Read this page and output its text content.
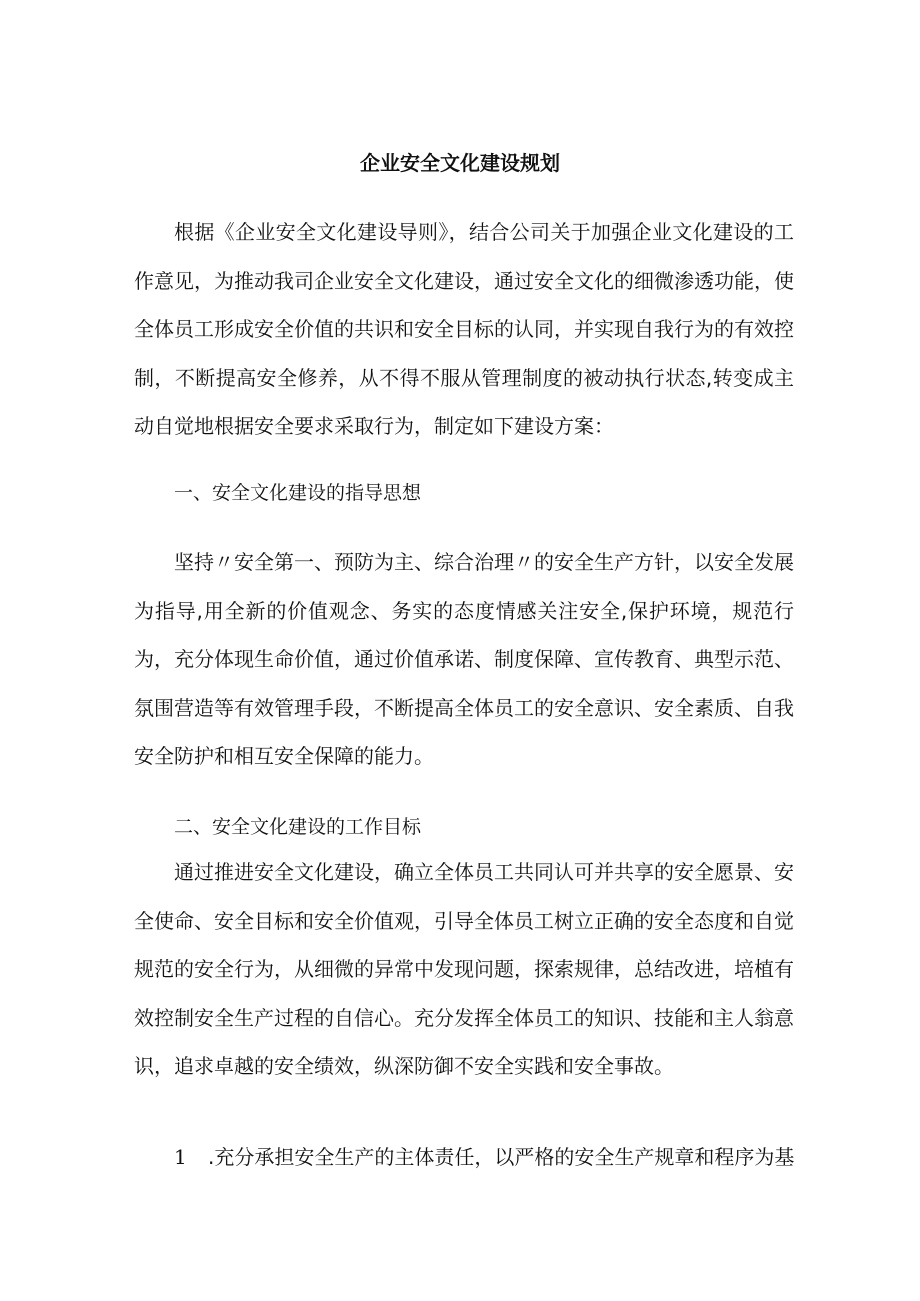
企业安全文化建设规划

根据《企业安全文化建设导则》，结合公司关于加强企业文化建设的工作意见，为推动我司企业安全文化建设，通过安全文化的细微渗透功能，使全体员工形成安全价值的共识和安全目标的认同，并实现自我行为的有效控制，不断提高安全修养，从不得不服从管理制度的被动执行状态,转变成主动自觉地根据安全要求采取行为，制定如下建设方案：

一、安全文化建设的指导思想

坚持〃安全第一、预防为主、综合治理〃的安全生产方针，以安全发展为指导,用全新的价值观念、务实的态度情感关注安全,保护环境，规范行为，充分体现生命价值，通过价值承诺、制度保障、宣传教育、典型示范、氛围营造等有效管理手段，不断提高全体员工的安全意识、安全素质、自我安全防护和相互安全保障的能力。

二、安全文化建设的工作目标

通过推进安全文化建设，确立全体员工共同认可并共享的安全愿景、安全使命、安全目标和安全价值观，引导全体员工树立正确的安全态度和自觉规范的安全行为，从细微的异常中发现问题，探索规律，总结改进，培植有效控制安全生产过程的自信心。充分发挥全体员工的知识、技能和主人翁意识，追求卓越的安全绩效，纵深防御不安全实践和安全事故。

1 .充分承担安全生产的主体责任，以严格的安全生产规章和程序为基
